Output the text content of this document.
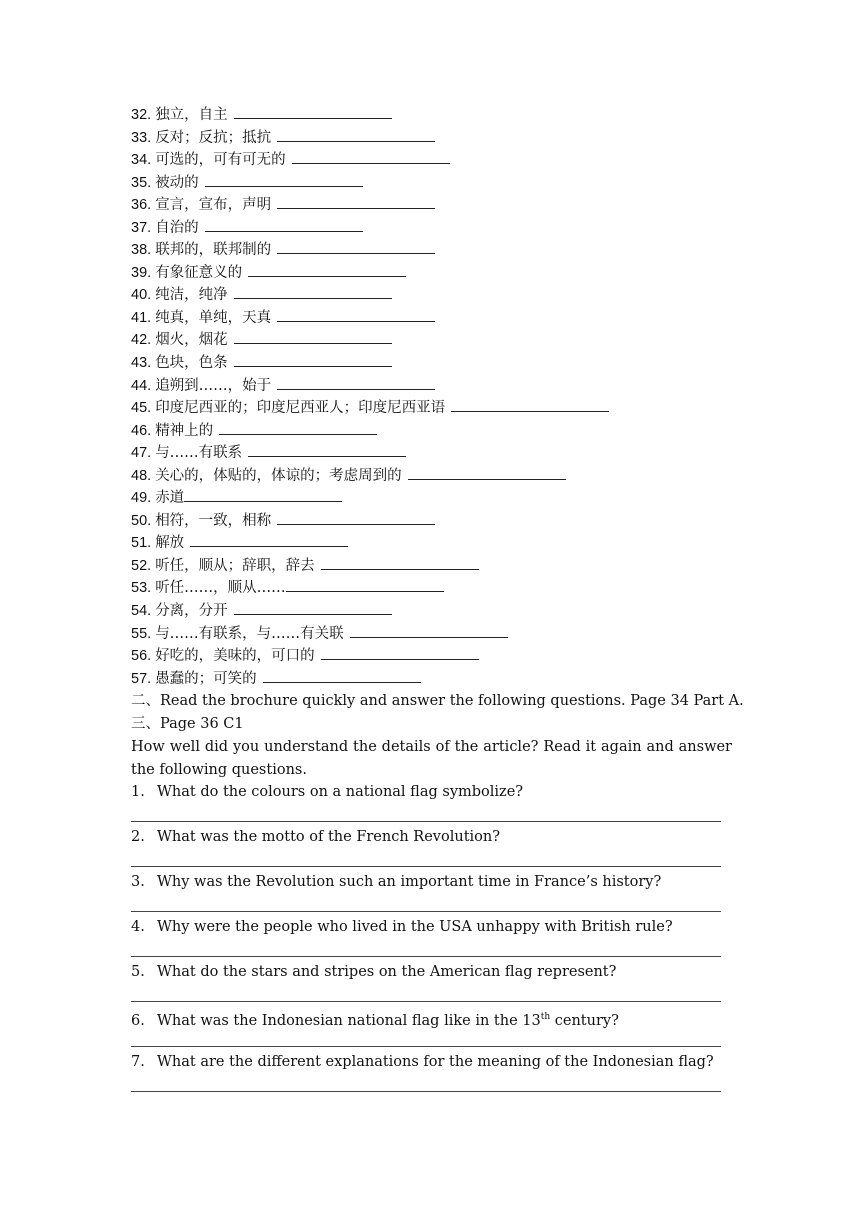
32. 独立，自主
33. 反对；反抗；抵抗
34. 可选的，可有可无的
35. 被动的
36. 宣言，宣布，声明
37. 自治的
38. 联邦的，联邦制的
39. 有象征意义的
40. 纯洁，纯净
41. 纯真，单纯，天真
42. 烟火，烟花
43. 色块，色条
44. 追朔到……，始于
45. 印度尼西亚的；印度尼西亚人；印度尼西亚语
46. 精神上的
47. 与……有联系
48. 关心的，体贴的，体谅的；考虑周到的
49. 赤道
50. 相符，一致，相称
51. 解放
52. 听任，顺从；辞职，辞去
53. 听任……，顺从……
54. 分离，分开
55. 与……有联系，与……有关联
56. 好吃的，美味的，可口的
57. 愚蠢的；可笑的
二、Read the brochure quickly and answer the following questions. Page 34 Part A.
三、Page 36 C1
How well did you understand the details of the article? Read it again and answer the following questions.
1. What do the colours on a national flag symbolize?
2. What was the motto of the French Revolution?
3. Why was the Revolution such an important time in France’s history?
4. Why were the people who lived in the USA unhappy with British rule?
5. What do the stars and stripes on the American flag represent?
6. What was the Indonesian national flag like in the 13th century?
7. What are the different explanations for the meaning of the Indonesian flag?
